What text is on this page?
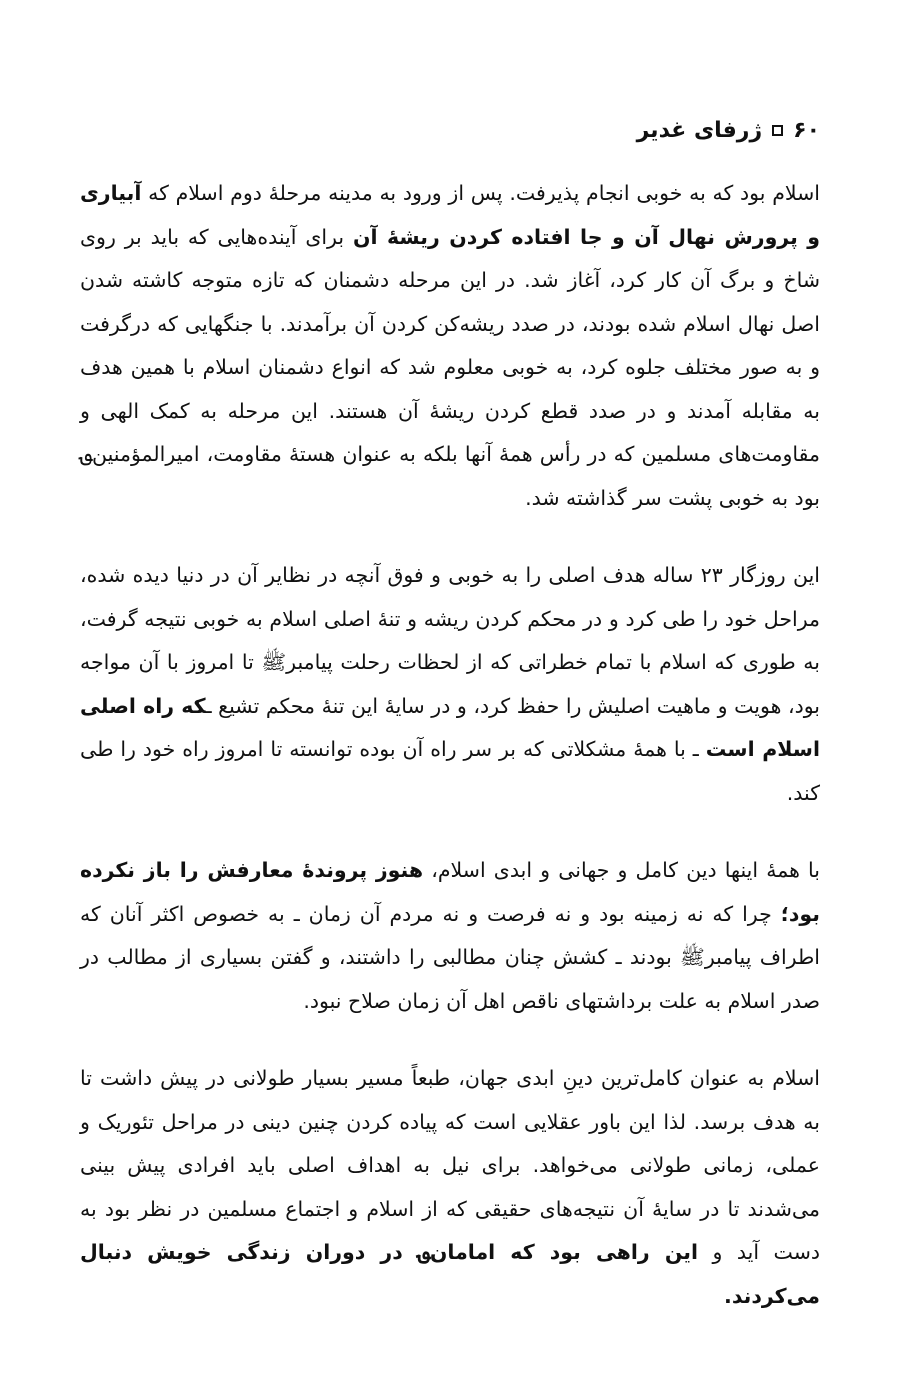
۶۰
ژرفای غدیر

اسلام بود که به خوبی انجام پذیرفت. پس از ورود به مدینه مرحلهٔ دوم اسلام که آبیاری و پرورش نهال آن و جا افتاده کردن ریشهٔ آن برای آینده‌هایی که باید بر روی شاخ و برگ آن کار کرد، آغاز شد. در این مرحله دشمنان که تازه متوجه کاشته شدن اصل نهال اسلام شده بودند، در صدد ریشه‌کن کردن آن برآمدند. با جنگهایی که درگرفت و به صور مختلف جلوه کرد، به خوبی معلوم شد که انواع دشمنان اسلام با همین هدف به مقابله آمدند و در صدد قطع کردن ریشهٔ آن هستند. این مرحله به کمک الهی و مقاومت‌های مسلمین که در رأس همهٔ آنها بلکه به عنوان هستهٔ مقاومت، امیرالمؤمنین؈ بود به خوبی پشت سر گذاشته شد.

این روزگار ۲۳ ساله هدف اصلی را به خوبی و فوق آنچه در نظایر آن در دنیا دیده شده، مراحل خود را طی کرد و در محکم کردن ریشه و تنهٔ اصلی اسلام به خوبی نتیجه گرفت، به طوری که اسلام با تمام خطراتی که از لحظات رحلت پیامبرﷺ تا امروز با آن مواجه بود، هویت و ماهیت اصلیش را حفظ کرد، و در سایهٔ این تنهٔ محکم تشیع ـکه راه اصلی اسلام است ـ با همهٔ مشکلاتی که بر سر راه آن بوده توانسته تا امروز راه خود را طی کند.

با همهٔ اینها دین کامل و جهانی و ابدی اسلام، هنوز پروندهٔ معارفش را باز نکرده بود؛ چرا که نه زمینه بود و نه فرصت و نه مردم آن زمان ـ به خصوص اکثر آنان که اطراف پیامبرﷺ بودند ـ کشش چنان مطالبی را داشتند، و گفتن بسیاری از مطالب در صدر اسلام به علت برداشتهای ناقص اهل آن زمان صلاح نبود.

اسلام به عنوان کامل‌ترین دینِ ابدی جهان، طبعاً مسیر بسیار طولانی در پیش داشت تا به هدف برسد. لذا این باور عقلایی است که پیاده کردن چنین دینی در مراحل تئوریک و عملی، زمانی طولانی می‌خواهد. برای نیل به اهداف اصلی باید افرادی پیش بینی می‌شدند تا در سایهٔ آن نتیجه‌های حقیقی که از اسلام و اجتماع مسلمین در نظر بود به دست آید و این راهی بود که امامان؈ در دوران زندگی خویش دنبال می‌کردند.
